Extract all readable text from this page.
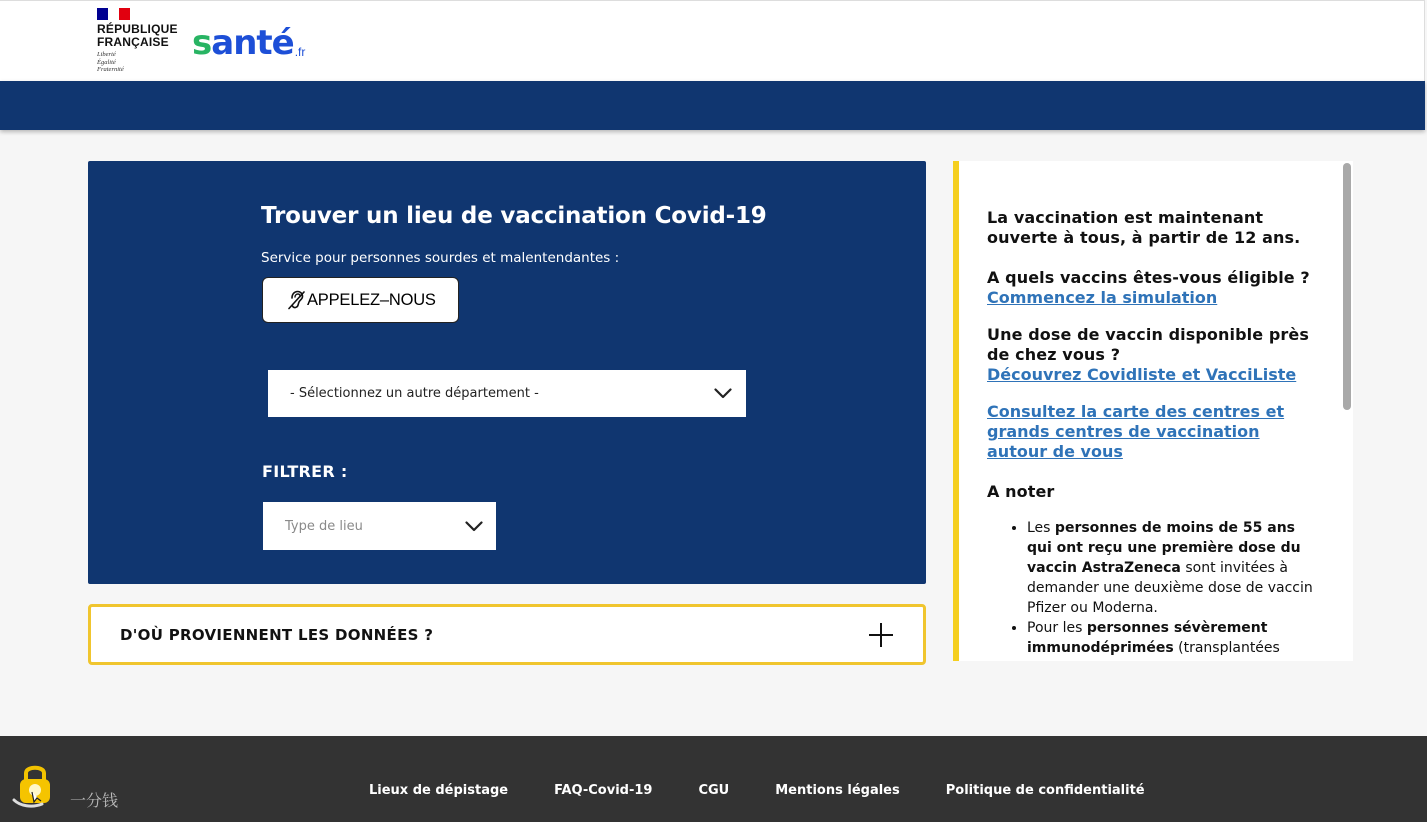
RÉPUBLIQUE
FRANÇAISE
Liberté
Égalité
Fraternité
santé .fr
Trouver un lieu de vaccination Covid-19
Service pour personnes sourdes et malentendantes :
APPELEZ–NOUS
- Sélectionnez un autre département -
FILTRER :
Type de lieu
D'OÙ PROVIENNENT LES DONNÉES ?
La vaccination est maintenant ouverte à tous, à partir de 12 ans.
A quels vaccins êtes-vous éligible ?
Commencez la simulation
Une dose de vaccin disponible près de chez vous ?
Découvrez Covidliste et VacciListe
Consultez la carte des centres et grands centres de vaccination autour de vous
A noter
• Les personnes de moins de 55 ans qui ont reçu une première dose du vaccin AstraZeneca sont invitées à demander une deuxième dose de vaccin Pfizer ou Moderna.
• Pour les personnes sévèrement immunodéprimées (transplantées
Lieux de dépistage	FAQ-Covid-19	CGU	Mentions légales	Politique de confidentialité
一分钱
